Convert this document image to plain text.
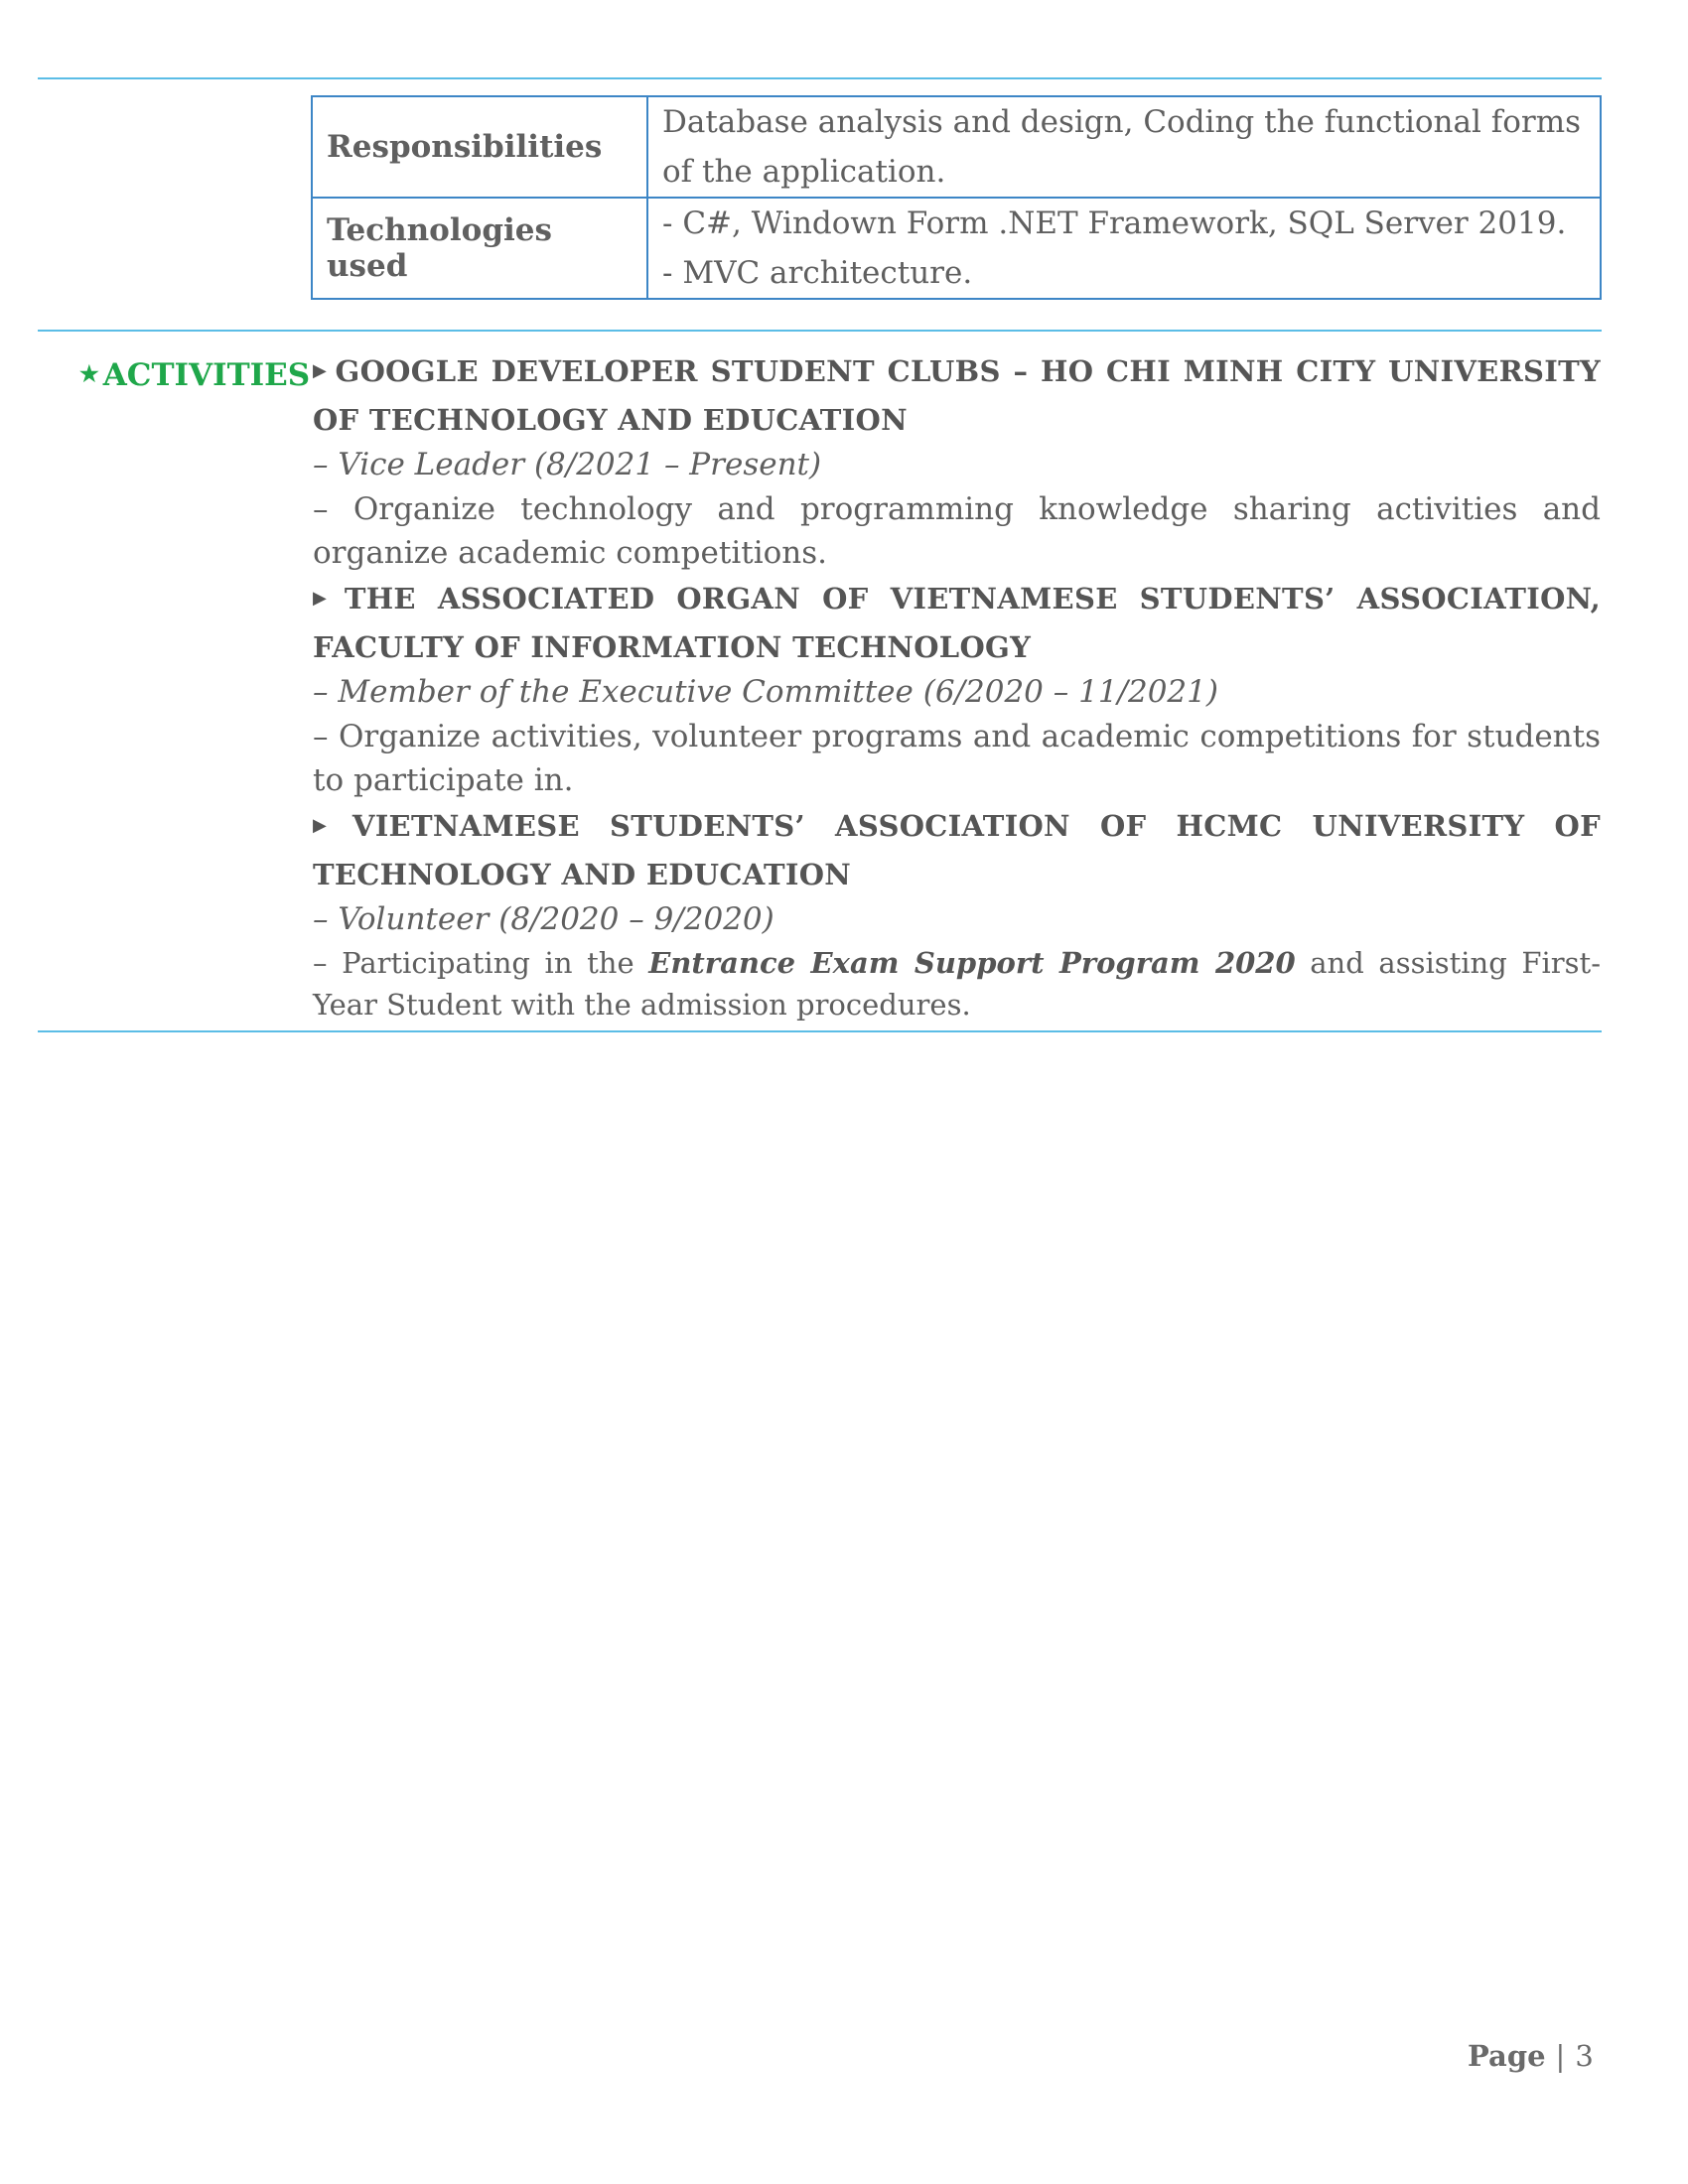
Responsibilities	Database analysis and design, Coding the functional forms of the application.
Technologies used	- C#, Windown Form .NET Framework, SQL Server 2019.
- MVC architecture.
★ ACTIVITIES ▶ GOOGLE DEVELOPER STUDENT CLUBS – HO CHI MINH CITY UNIVERSITY OF TECHNOLOGY AND EDUCATION
– Vice Leader (8/2021 – Present)
– Organize technology and programming knowledge sharing activities and organize academic competitions.
▶ THE ASSOCIATED ORGAN OF VIETNAMESE STUDENTS’ ASSOCIATION, FACULTY OF INFORMATION TECHNOLOGY
– Member of the Executive Committee (6/2020 – 11/2021)
– Organize activities, volunteer programs and academic competitions for students to participate in.
▶ VIETNAMESE STUDENTS’ ASSOCIATION OF HCMC UNIVERSITY OF TECHNOLOGY AND EDUCATION
– Volunteer (8/2020 – 9/2020)
– Participating in the Entrance Exam Support Program 2020 and assisting First-Year Student with the admission procedures.
Page | 3
